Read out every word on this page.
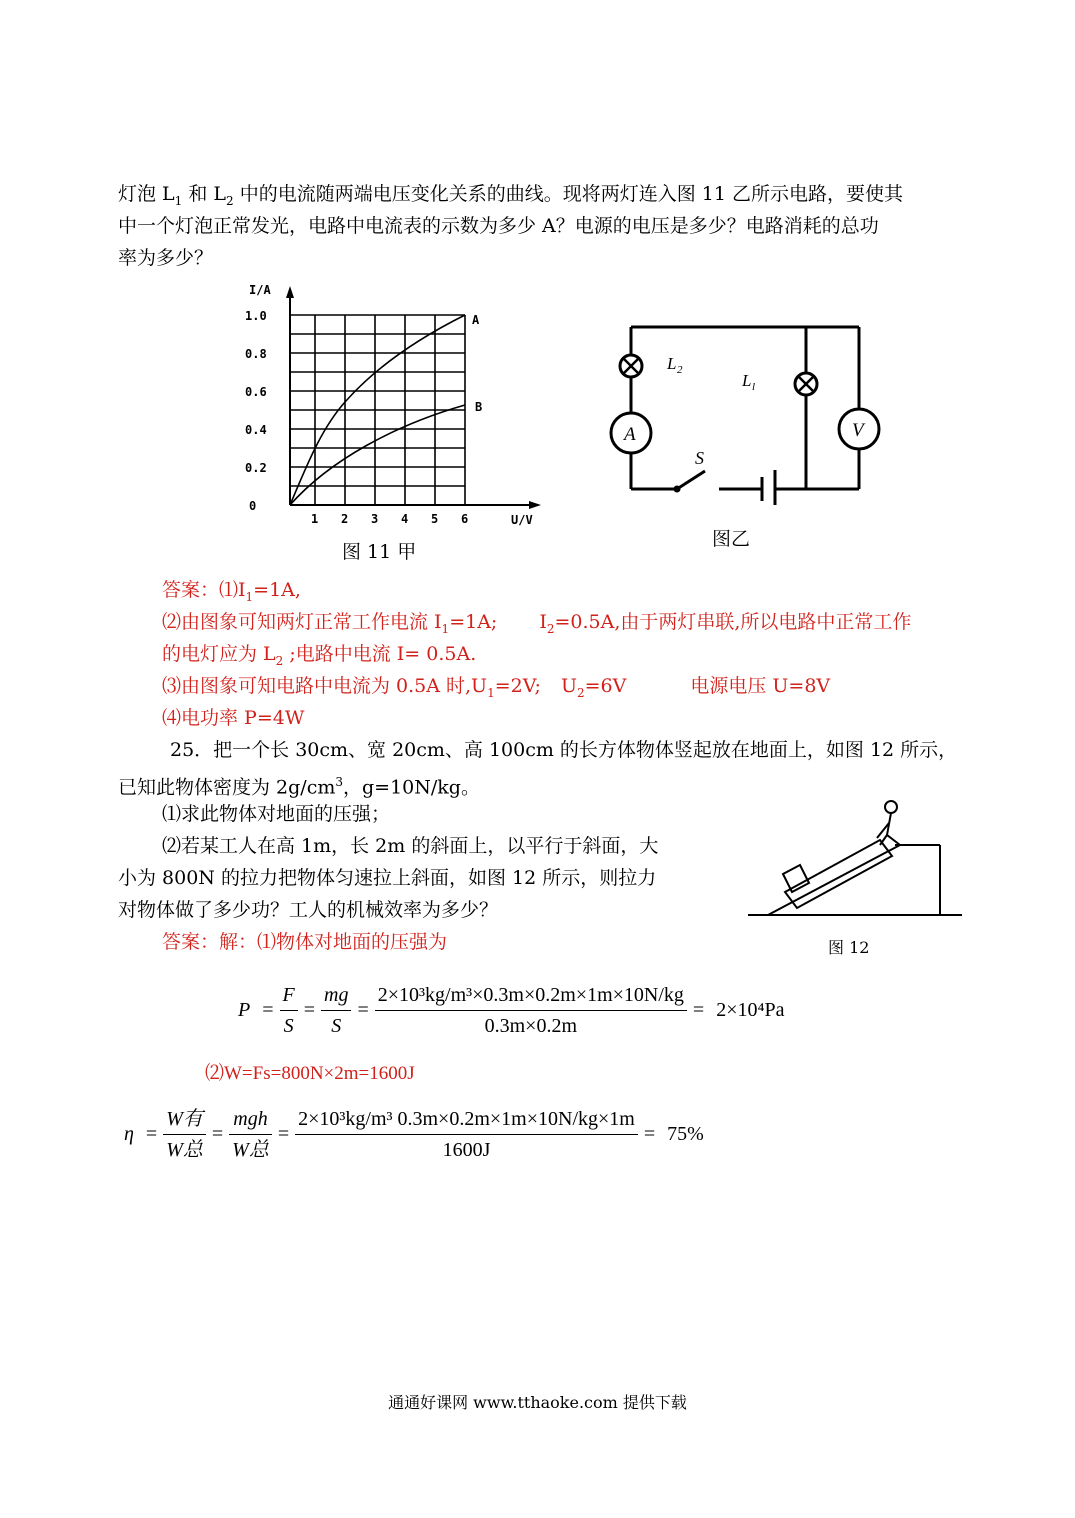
灯泡 $L_1$ 和 $L_2$ 中的电流随两端电压变化关系的曲线。现将两灯连入图 11 乙所示电路，要使其
中一个灯泡正常发光，电路中电流表的示数为多少 A？电源的电压是多少？电路消耗的总功
率为多少？
I/A
1.0
0.8
0.6
0.4
0.2
0
1 2 3 4 5 6	U/V
A
B
图 11 甲
A	V
S
L 2
L l
图乙
答案：$⑴I_1=1A$,
⑵由图象可知两灯正常工作电流 $I_1=1A$; $I_2=0.5A$,由于两灯串联,所以电路中正常工作
的电灯应为 $L_2$ ;电路中电流 I= 0.5A.
⑶由图象可知电路中电流为 0.5A 时$,U_1=2V$; $U_2=6V$	电源电压 U=8V
⑷电功率 P=4W
25．把一个长 30cm、宽 20cm、高 100cm 的长方体物体竖起放在地面上，如图 12 所示，
已知此物体密度为 $2g/cm^3$，g=10N/kg。
⑴求此物体对地面的压强；
⑵若某工人在高 1m，长 2m 的斜面上，以平行于斜面，大
小为 800N 的拉力把物体匀速拉上斜面，如图 12 所示，则拉力
对物体做了多少功？工人的机械效率为多少？
图 12
答案：解：⑴物体对地面的压强为
$P = \frac{F}{S} = \frac{mg}{S} = \frac{\text{2×10³kg/m³×0.3m×0.2m×1m×10N/kg}}{0.3m\times 0.2m} = 2\times 10^4Pa$
⑵W=Fs=800N×2m=1600J
$\eta = \frac{\text{W有}}{\text{W总}} = \frac{\text{mgh}}{\text{W总}} = \frac{\text{2×10³kg/m³ 0.3m×0.2m×1m×10N/kg×1m}}{1600J} = 75\%$
通通好课网 www.tthaoke.com 提供下载
